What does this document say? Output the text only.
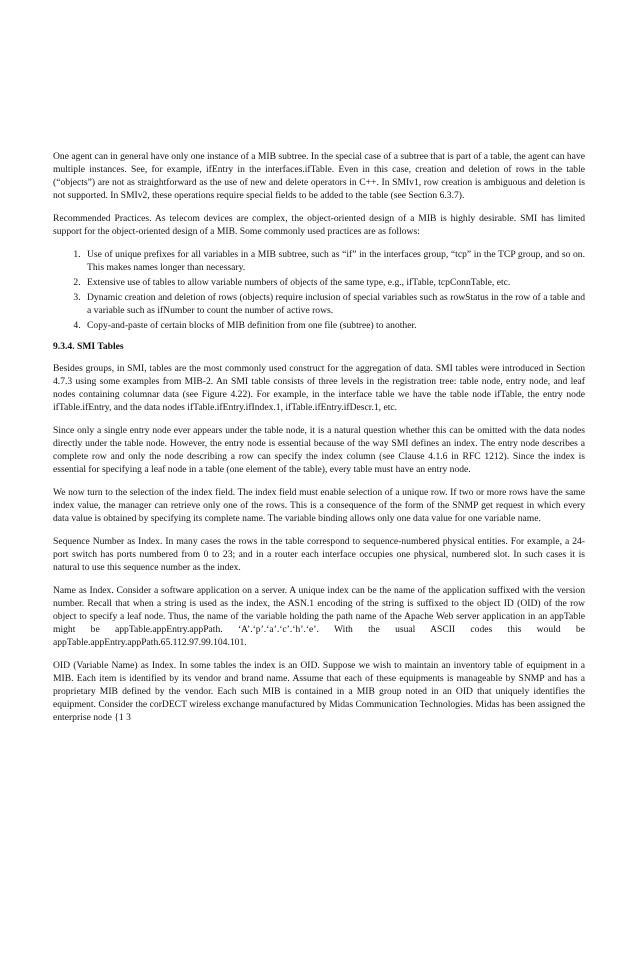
One agent can in general have only one instance of a MIB subtree. In the special case of a subtree that is part of a table, the agent can have multiple instances. See, for example, ifEntry in the interfaces.ifTable. Even in this case, creation and deletion of rows in the table (“objects”) are not as straightforward as the use of new and delete operators in C++. In SMIv1, row creation is ambiguous and deletion is not supported. In SMIv2, these operations require special fields to be added to the table (see Section 6.3.7).

Recommended Practices. As telecom devices are complex, the object-oriented design of a MIB is highly desirable. SMI has limited support for the object-oriented design of a MIB. Some commonly used practices are as follows:

1. Use of unique prefixes for all variables in a MIB subtree, such as “if” in the interfaces group, “tcp” in the TCP group, and so on. This makes names longer than necessary.
2. Extensive use of tables to allow variable numbers of objects of the same type, e.g., ifTable, tcpConnTable, etc.
3. Dynamic creation and deletion of rows (objects) require inclusion of special variables such as rowStatus in the row of a table and a variable such as ifNumber to count the number of active rows.
4. Copy-and-paste of certain blocks of MIB definition from one file (subtree) to another.
9.3.4. SMI Tables

Besides groups, in SMI, tables are the most commonly used construct for the aggregation of data. SMI tables were introduced in Section 4.7.3 using some examples from MIB-2. An SMI table consists of three levels in the registration tree: table node, entry node, and leaf nodes containing columnar data (see Figure 4.22). For example, in the interface table we have the table node ifTable, the entry node ifTable.ifEntry, and the data nodes ifTable.ifEntry.ifIndex.1, ifTable.ifEntry.ifDescr.1, etc.

Since only a single entry node ever appears under the table node, it is a natural question whether this can be omitted with the data nodes directly under the table node. However, the entry node is essential because of the way SMI defines an index. The entry node describes a complete row and only the node describing a row can specify the index column (see Clause 4.1.6 in RFC 1212). Since the index is essential for specifying a leaf node in a table (one element of the table), every table must have an entry node.

We now turn to the selection of the index field. The index field must enable selection of a unique row. If two or more rows have the same index value, the manager can retrieve only one of the rows. This is a consequence of the form of the SNMP get request in which every data value is obtained by specifying its complete name. The variable binding allows only one data value for one variable name.

Sequence Number as Index. In many cases the rows in the table correspond to sequence-numbered physical entities. For example, a 24-port switch has ports numbered from 0 to 23; and in a router each interface occupies one physical, numbered slot. In such cases it is natural to use this sequence number as the index.

Name as Index. Consider a software application on a server. A unique index can be the name of the application suffixed with the version number. Recall that when a string is used as the index, the ASN.1 encoding of the string is suffixed to the object ID (OID) of the row object to specify a leaf node. Thus, the name of the variable holding the path name of the Apache Web server application in an appTable might be appTable.appEntry.appPath. ‘A’.‘p’.‘a’.‘c’.‘h’.‘e’. With the usual ASCII codes this would be appTable.appEntry.appPath.65.112.97.99.104.101.

OID (Variable Name) as Index. In some tables the index is an OID. Suppose we wish to maintain an inventory table of equipment in a MIB. Each item is identified by its vendor and brand name. Assume that each of these equipments is manageable by SNMP and has a proprietary MIB defined by the vendor. Each such MIB is contained in a MIB group noted in an OID that uniquely identifies the equipment. Consider the corDECT wireless exchange manufactured by Midas Communication Technologies. Midas has been assigned the enterprise node {1 3
